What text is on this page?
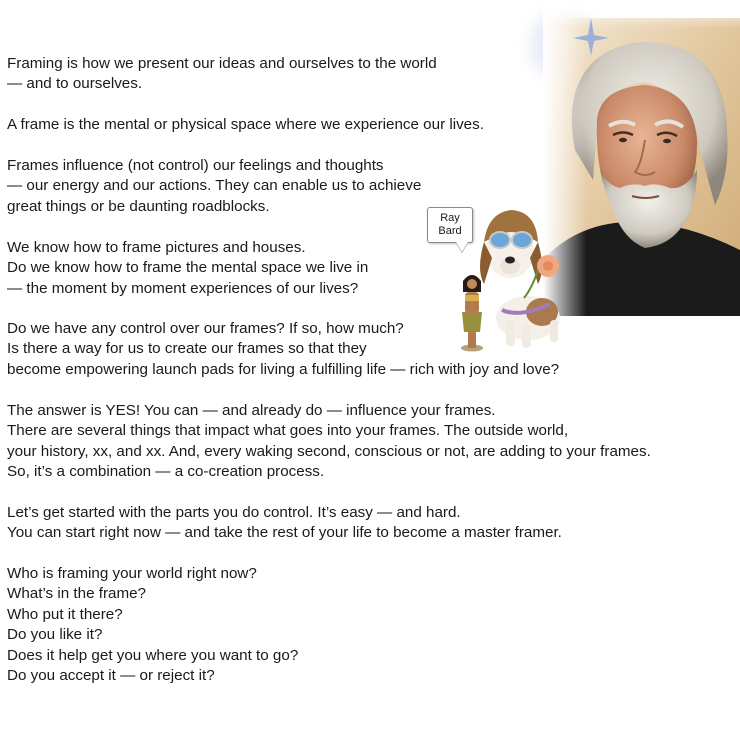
Ray
Bard
Framing is how we present our ideas and ourselves to the world
— and to ourselves.
A frame is the mental or physical space where we experience our lives.
Frames influence (not control) our feelings and thoughts
— our energy and our actions. They can enable us to achieve
great things or be daunting roadblocks.
We know how to frame pictures and houses.
Do we know how to frame the mental space we live in
— the moment by moment experiences of our lives?
Do we have any control over our frames? If so, how much?
Is there a way for us to create our frames so that they
become empowering launch pads for living a fulfilling life — rich with joy and love?
The answer is YES! You can — and already do — influence your frames.
There are several things that impact what goes into your frames. The outside world,
your history, xx, and xx. And, every waking second, conscious or not, are adding to your frames.
So, it’s a combination — a co-creation process.
Let’s get started with the parts you do control. It’s easy — and hard.
You can start right now — and take the rest of your life to become a master framer.
Who is framing your world right now?
What’s in the frame?
Who put it there?
Do you like it?
Does it help get you where you want to go?
Do you accept it — or reject it?
